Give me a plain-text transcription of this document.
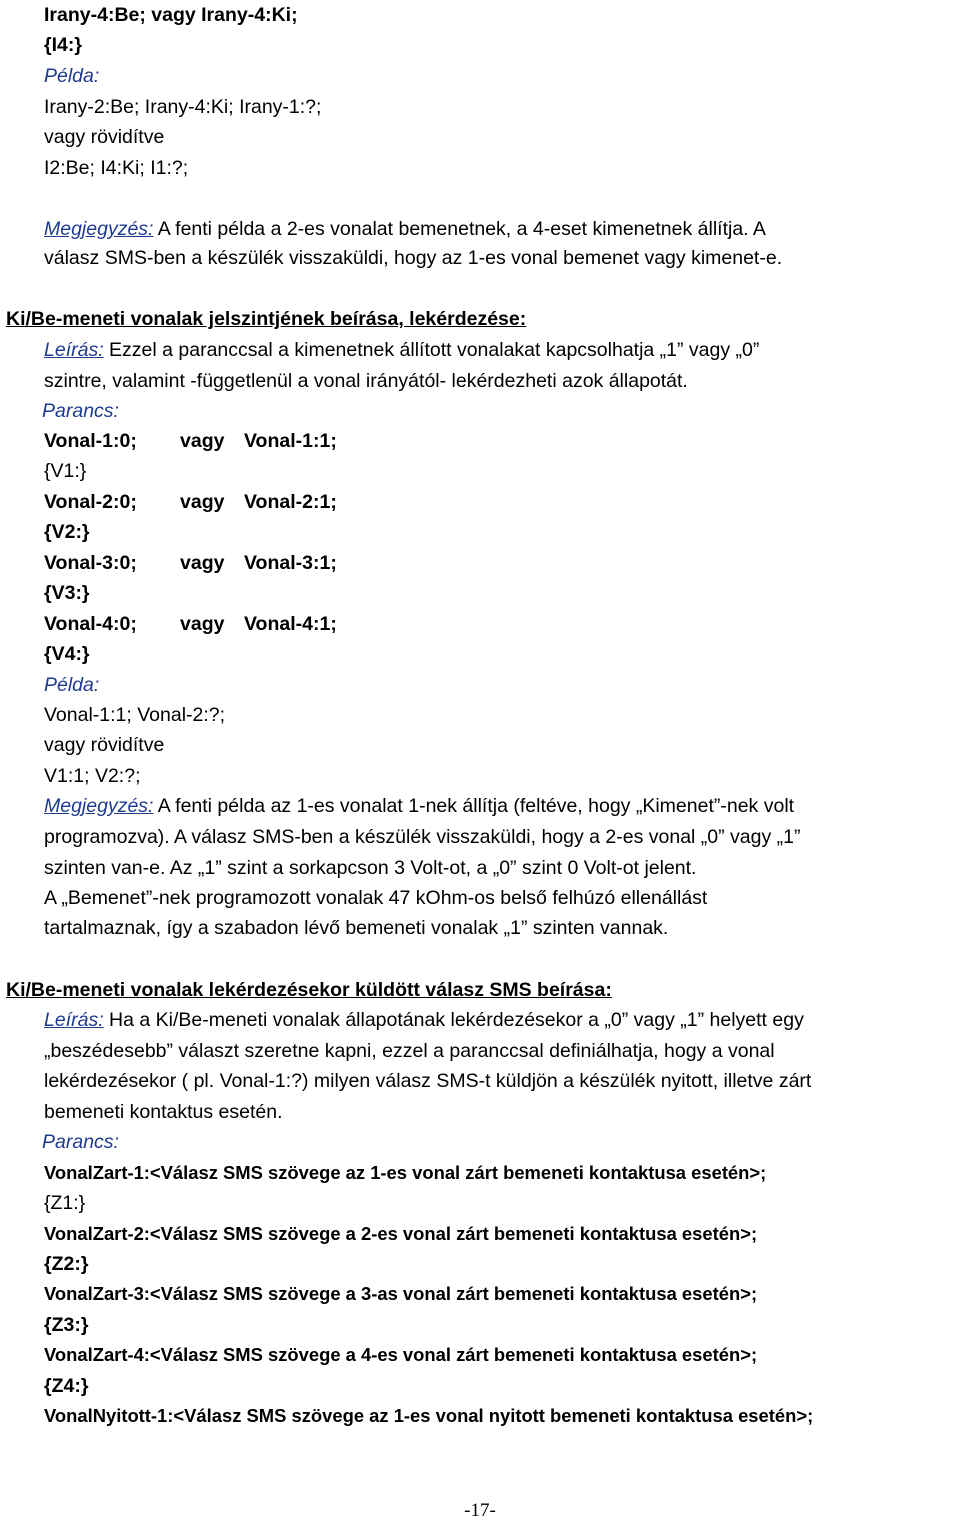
Irany-4:Be; vagy Irany-4:Ki;
{I4:}
Példa:
Irany-2:Be; Irany-4:Ki; Irany-1:?;
vagy rövidítve
I2:Be; I4:Ki; I1:?;
Megjegyzés: A fenti példa a 2-es vonalat bemenetnek, a 4-eset kimenetnek állítja. A
válasz SMS-ben a készülék visszaküldi, hogy az 1-es vonal bemenet vagy kimenet-e.
Ki/Be-meneti vonalak jelszintjének beírása, lekérdezése:
Leírás: Ezzel a paranccsal a kimenetnek állított vonalakat kapcsolhatja „1” vagy „0”
szintre, valamint -függetlenül a vonal irányától- lekérdezheti azok állapotát.
Parancs:
Vonal-1:0; vagy Vonal-1:1;
{V1:}
Vonal-2:0; vagy Vonal-2:1;
{V2:}
Vonal-3:0; vagy Vonal-3:1;
{V3:}
Vonal-4:0; vagy Vonal-4:1;
{V4:}
Példa:
Vonal-1:1; Vonal-2:?;
vagy rövidítve
V1:1; V2:?;
Megjegyzés: A fenti példa az 1-es vonalat 1-nek állítja (feltéve, hogy „Kimenet”-nek volt
programozva). A válasz SMS-ben a készülék visszaküldi, hogy a 2-es vonal „0” vagy „1”
szinten van-e. Az „1” szint a sorkapcson 3 Volt-ot, a „0” szint 0 Volt-ot jelent.
A „Bemenet”-nek programozott vonalak 47 kOhm-os belső felhúzó ellenállást
tartalmaznak, így a szabadon lévő bemeneti vonalak „1” szinten vannak.
Ki/Be-meneti vonalak lekérdezésekor küldött válasz SMS beírása:
Leírás: Ha a Ki/Be-meneti vonalak állapotának lekérdezésekor a „0” vagy „1” helyett egy
„beszédesebb” választ szeretne kapni, ezzel a paranccsal definiálhatja, hogy a vonal
lekérdezésekor ( pl. Vonal-1:?) milyen válasz SMS-t küldjön a készülék nyitott, illetve zárt
bemeneti kontaktus esetén.
Parancs:
VonalZart-1:<Válasz SMS szövege az 1-es vonal zárt bemeneti kontaktusa esetén>;
{Z1:}
VonalZart-2:<Válasz SMS szövege a 2-es vonal zárt bemeneti kontaktusa esetén>;
{Z2:}
VonalZart-3:<Válasz SMS szövege a 3-as vonal zárt bemeneti kontaktusa esetén>;
{Z3:}
VonalZart-4:<Válasz SMS szövege a 4-es vonal zárt bemeneti kontaktusa esetén>;
{Z4:}
VonalNyitott-1:<Válasz SMS szövege az 1-es vonal nyitott bemeneti kontaktusa esetén>;
-17-
